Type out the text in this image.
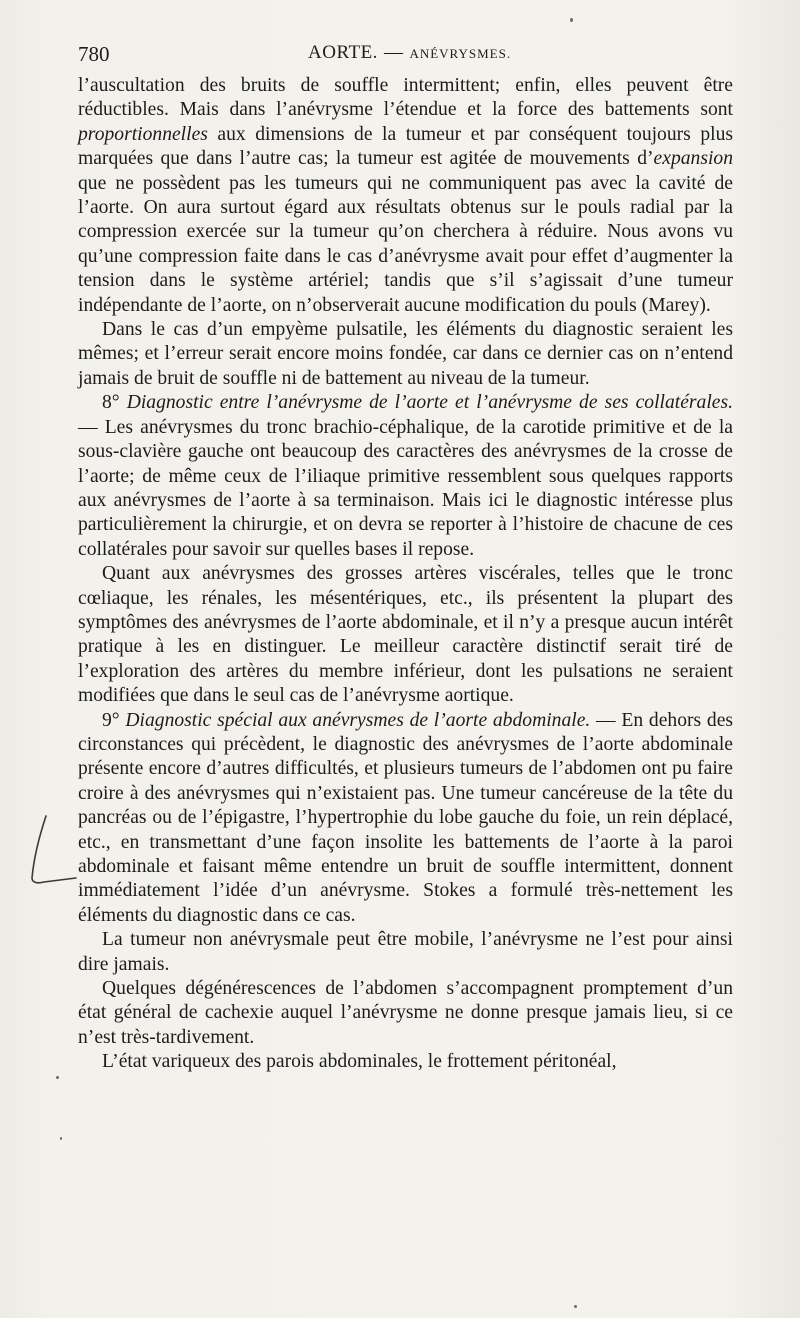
780	AORTE. — ANÉVRYSMES.

l’auscultation des bruits de souffle intermittent; enfin, elles peuvent être réductibles. Mais dans l’anévrysme l’étendue et la force des battements sont proportionnelles aux dimensions de la tumeur et par conséquent toujours plus marquées que dans l’autre cas; la tumeur est agitée de mouvements d’expansion que ne possèdent pas les tumeurs qui ne communiquent pas avec la cavité de l’aorte. On aura surtout égard aux résultats obtenus sur le pouls radial par la compression exercée sur la tumeur qu’on cherchera à réduire. Nous avons vu qu’une compression faite dans le cas d’anévrysme avait pour effet d’augmenter la tension dans le système artériel; tandis que s’il s’agissait d’une tumeur indépendante de l’aorte, on n’observerait aucune modification du pouls (Marey).

Dans le cas d’un empyème pulsatile, les éléments du diagnostic seraient les mêmes; et l’erreur serait encore moins fondée, car dans ce dernier cas on n’entend jamais de bruit de souffle ni de battement au niveau de la tumeur.

8° Diagnostic entre l’anévrysme de l’aorte et l’anévrysme de ses collatérales. — Les anévrysmes du tronc brachio-céphalique, de la carotide primitive et de la sous-clavière gauche ont beaucoup des caractères des anévrysmes de la crosse de l’aorte; de même ceux de l’iliaque primitive ressemblent sous quelques rapports aux anévrysmes de l’aorte à sa terminaison. Mais ici le diagnostic intéresse plus particulièrement la chirurgie, et on devra se reporter à l’histoire de chacune de ces collatérales pour savoir sur quelles bases il repose.

Quant aux anévrysmes des grosses artères viscérales, telles que le tronc cœliaque, les rénales, les mésentériques, etc., ils présentent la plupart des symptômes des anévrysmes de l’aorte abdominale, et il n’y a presque aucun intérêt pratique à les en distinguer. Le meilleur caractère distinctif serait tiré de l’exploration des artères du membre inférieur, dont les pulsations ne seraient modifiées que dans le seul cas de l’anévrysme aortique.

9° Diagnostic spécial aux anévrysmes de l’aorte abdominale. — En dehors des circonstances qui précèdent, le diagnostic des anévrysmes de l’aorte abdominale présente encore d’autres difficultés, et plusieurs tumeurs de l’abdomen ont pu faire croire à des anévrysmes qui n’existaient pas. Une tumeur cancéreuse de la tête du pancréas ou de l’épigastre, l’hypertrophie du lobe gauche du foie, un rein déplacé, etc., en transmettant d’une façon insolite les battements de l’aorte à la paroi abdominale et faisant même entendre un bruit de souffle intermittent, donnent immédiatement l’idée d’un anévrysme. Stokes a formulé très-nettement les éléments du diagnostic dans ce cas.

La tumeur non anévrysmale peut être mobile, l’anévrysme ne l’est pour ainsi dire jamais.

Quelques dégénérescences de l’abdomen s’accompagnent promptement d’un état général de cachexie auquel l’anévrysme ne donne presque jamais lieu, si ce n’est très-tardivement.

L’état variqueux des parois abdominales, le frottement péritonéal,
